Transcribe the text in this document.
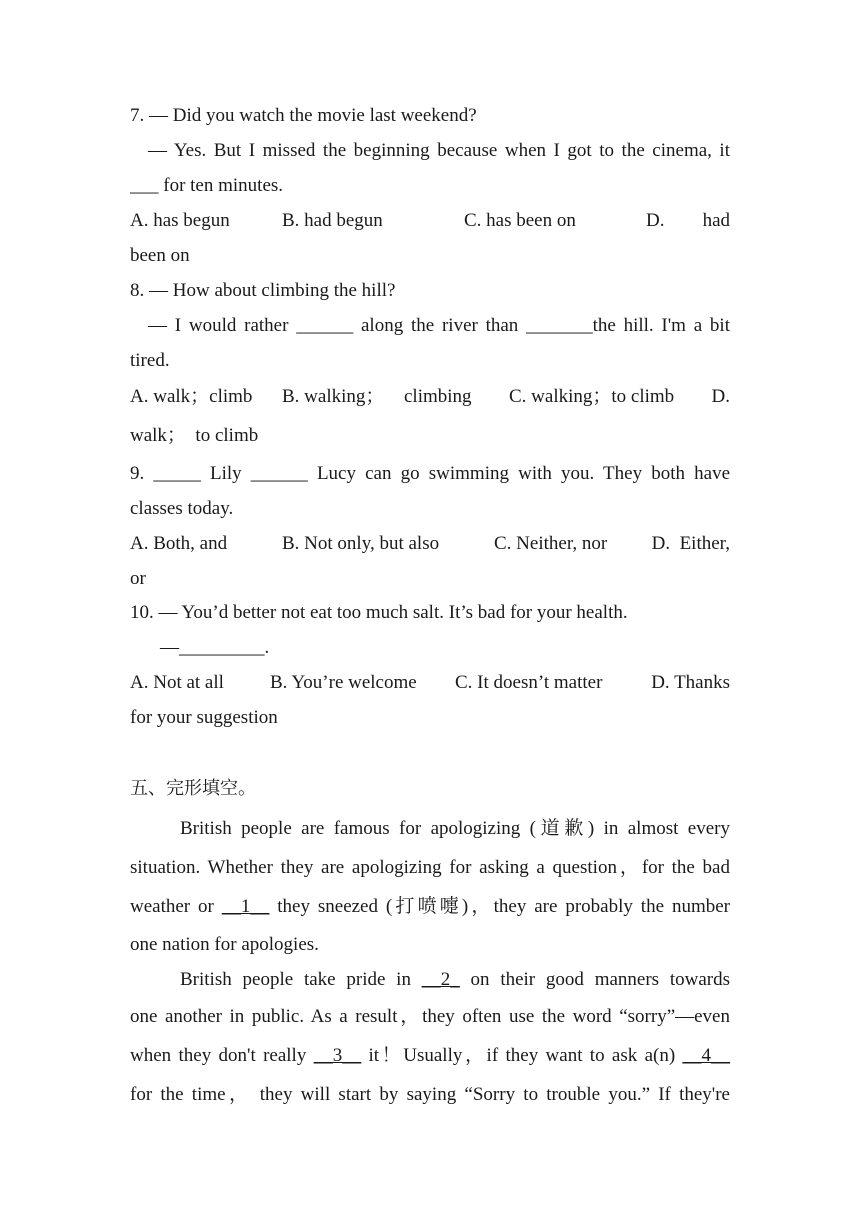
7. — Did you watch the movie last weekend?
— Yes. But I missed the beginning because when I got to the cinema, it
___ for ten minutes.
A. has begun	B. had begun	C. has been on	D. had
been on
8. — How about climbing the hill?
— I would rather ______ along the river than _______the hill. I'm a bit
tired.
A. walk；climb B. walking； climbing C. walking；to climb D.
walk；  to climb
9. _____ Lily ______ Lucy can go swimming with you. They both have
classes today.
A. Both, and	B. Not only, but also	C. Neither, nor D.  Either,
or
10. — You’d better not eat too much salt. It’s bad for your health.
—_________.
A. Not at all B. You’re welcome C. It doesn’t matter	D. Thanks
for your suggestion
五、完形填空。
British people are famous for apologizing (道歉) in almost every
situation. Whether they are apologizing for asking a question，for the bad
weather or __1__ they sneezed (打喷嚏)，they are probably the number
one nation for apologies.
British people take pride in __2_ on their good manners towards
one another in public. As a result，they often use the word “sorry”—even
when they don't really __3__ it！Usually，if they want to ask a(n) __4__
for the time， they will start by saying “Sorry to trouble you.” If they're
